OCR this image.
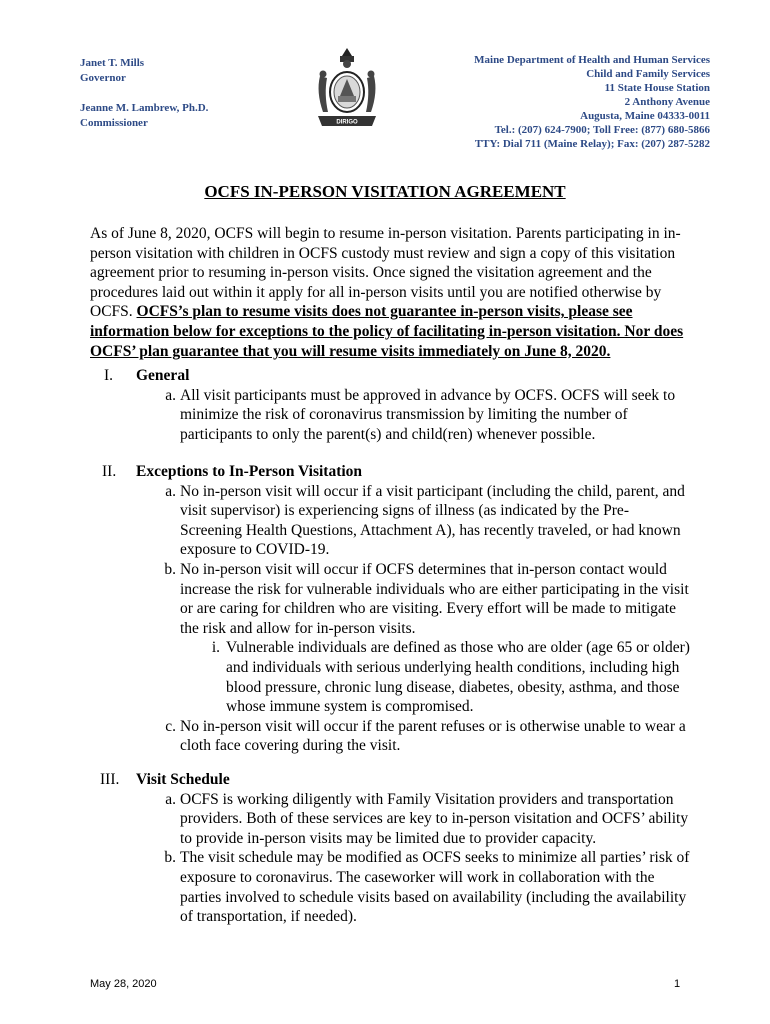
Janet T. Mills
Governor
Jeanne M. Lambrew, Ph.D.
Commissioner	DIRIGO
Maine Department of Health and Human Services
Child and Family Services
11 State House Station
2 Anthony Avenue
Augusta, Maine 04333-0011
Tel.: (207) 624-7900; Toll Free: (877) 680-5866
TTY: Dial 711 (Maine Relay); Fax: (207) 287-5282
OCFS IN-PERSON VISITATION AGREEMENT
As of June 8, 2020, OCFS will begin to resume in-person visitation. Parents participating in in-person visitation with children in OCFS custody must review and sign a copy of this visitation agreement prior to resuming in-person visits. Once signed the visitation agreement and the procedures laid out within it apply for all in-person visits until you are notified otherwise by OCFS. OCFS’s plan to resume visits does not guarantee in-person visits, please see information below for exceptions to the policy of facilitating in-person visitation. Nor does OCFS’ plan guarantee that you will resume visits immediately on June 8, 2020.
I.	General
a. All visit participants must be approved in advance by OCFS. OCFS will seek to minimize the risk of coronavirus transmission by limiting the number of participants to only the parent(s) and child(ren) whenever possible.
II.	Exceptions to In-Person Visitation
a. No in-person visit will occur if a visit participant (including the child, parent, and visit supervisor) is experiencing signs of illness (as indicated by the Pre-Screening Health Questions, Attachment A), has recently traveled, or had known exposure to COVID-19.
b. No in-person visit will occur if OCFS determines that in-person contact would increase the risk for vulnerable individuals who are either participating in the visit or are caring for children who are visiting. Every effort will be made to mitigate the risk and allow for in-person visits.
i. Vulnerable individuals are defined as those who are older (age 65 or older) and individuals with serious underlying health conditions, including high blood pressure, chronic lung disease, diabetes, obesity, asthma, and those whose immune system is compromised.
c. No in-person visit will occur if the parent refuses or is otherwise unable to wear a cloth face covering during the visit.
III.	Visit Schedule
a. OCFS is working diligently with Family Visitation providers and transportation providers. Both of these services are key to in-person visitation and OCFS’ ability to provide in-person visits may be limited due to provider capacity.
b. The visit schedule may be modified as OCFS seeks to minimize all parties’ risk of exposure to coronavirus. The caseworker will work in collaboration with the parties involved to schedule visits based on availability (including the availability of transportation, if needed).
May 28, 2020	1
